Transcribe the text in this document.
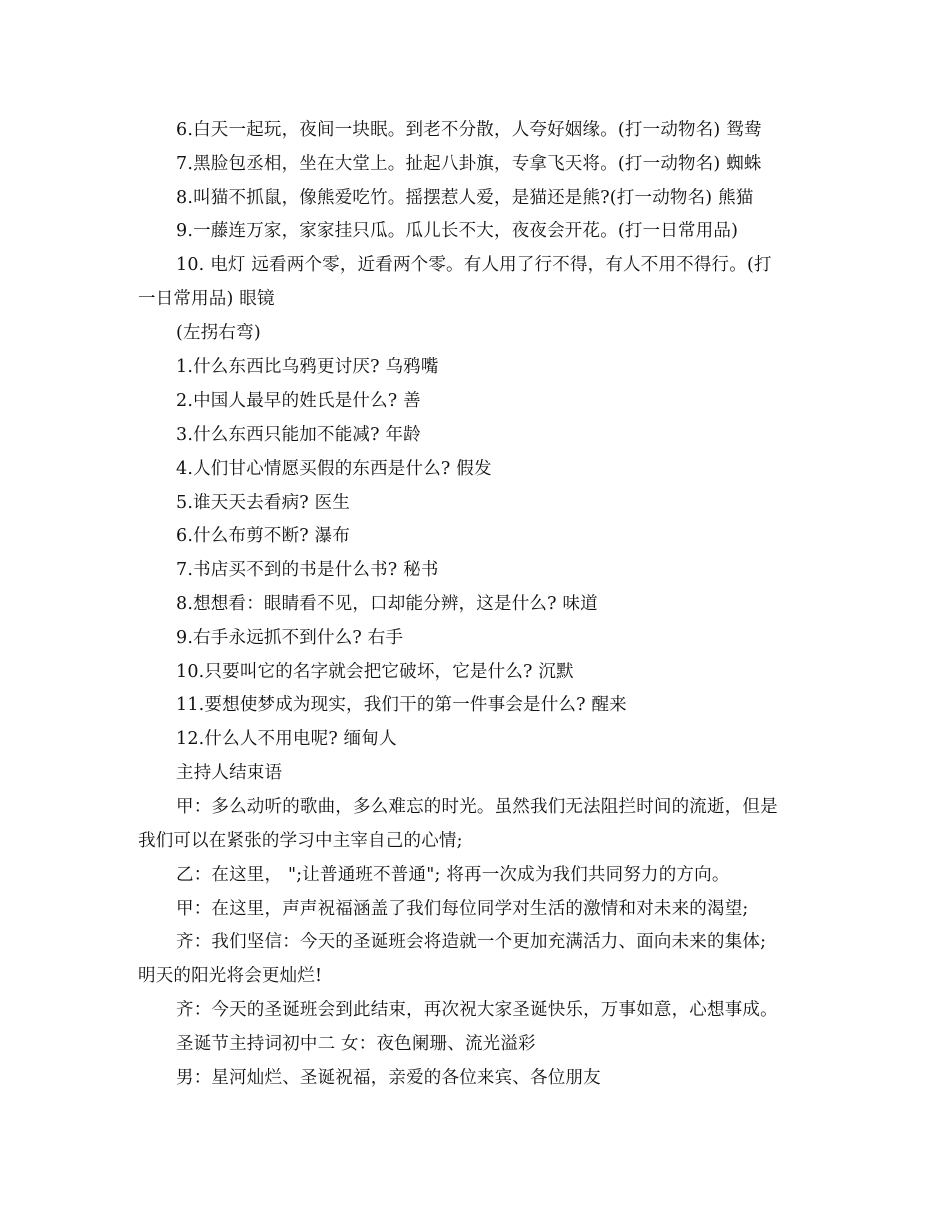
6.白天一起玩，夜间一块眠。到老不分散，人夸好姻缘。(打一动物名) 鸳鸯
7.黑脸包丞相，坐在大堂上。扯起八卦旗，专拿飞天将。(打一动物名) 蜘蛛
8.叫猫不抓鼠，像熊爱吃竹。摇摆惹人爱，是猫还是熊?(打一动物名) 熊猫
9.一藤连万家，家家挂只瓜。瓜儿长不大，夜夜会开花。(打一日常用品)
10. 电灯 远看两个零，近看两个零。有人用了行不得，有人不用不得行。(打
一日常用品) 眼镜
(左拐右弯)
1.什么东西比乌鸦更讨厌? 乌鸦嘴
2.中国人最早的姓氏是什么? 善
3.什么东西只能加不能减? 年龄
4.人们甘心情愿买假的东西是什么? 假发
5.谁天天去看病? 医生
6.什么布剪不断? 瀑布
7.书店买不到的书是什么书? 秘书
8.想想看：眼睛看不见，口却能分辨，这是什么? 味道
9.右手永远抓不到什么? 右手
10.只要叫它的名字就会把它破坏，它是什么? 沉默
11.要想使梦成为现实，我们干的第一件事会是什么? 醒来
12.什么人不用电呢? 缅甸人
主持人结束语
甲：多么动听的歌曲，多么难忘的时光。虽然我们无法阻拦时间的流逝，但是
我们可以在紧张的学习中主宰自己的心情;
乙：在这里， ";让普通班不普通"; 将再一次成为我们共同努力的方向。
甲：在这里，声声祝福涵盖了我们每位同学对生活的激情和对未来的渴望;
齐：我们坚信：今天的圣诞班会将造就一个更加充满活力、面向未来的集体;
明天的阳光将会更灿烂!
齐：今天的圣诞班会到此结束，再次祝大家圣诞快乐，万事如意，心想事成。
圣诞节主持词初中二 女：夜色阑珊、流光溢彩
男：星河灿烂、圣诞祝福，亲爱的各位来宾、各位朋友
